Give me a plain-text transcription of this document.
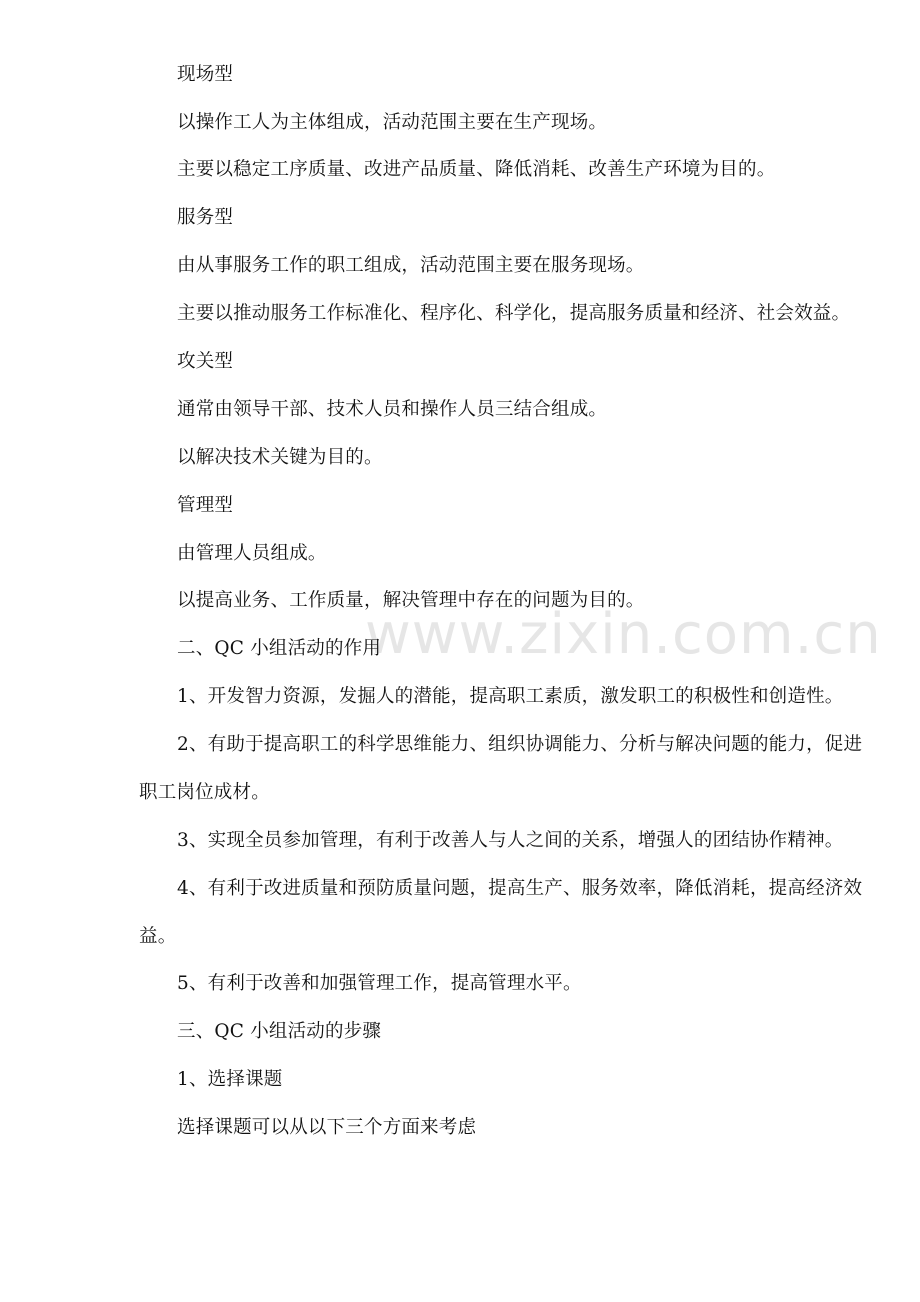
www.zixin.com.cn
现场型
以操作工人为主体组成，活动范围主要在生产现场。
主要以稳定工序质量、改进产品质量、降低消耗、改善生产环境为目的。
服务型
由从事服务工作的职工组成，活动范围主要在服务现场。
主要以推动服务工作标准化、程序化、科学化，提高服务质量和经济、社会效益。
攻关型
通常由领导干部、技术人员和操作人员三结合组成。
以解决技术关键为目的。
管理型
由管理人员组成。
以提高业务、工作质量，解决管理中存在的问题为目的。
二、QC 小组活动的作用
1、开发智力资源，发掘人的潜能，提高职工素质，激发职工的积极性和创造性。
2、有助于提高职工的科学思维能力、组织协调能力、分析与解决问题的能力，促进
职工岗位成材。
3、实现全员参加管理，有利于改善人与人之间的关系，增强人的团结协作精神。
4、有利于改进质量和预防质量问题，提高生产、服务效率，降低消耗，提高经济效
益。
5、有利于改善和加强管理工作，提高管理水平。
三、QC 小组活动的步骤
1、选择课题
选择课题可以从以下三个方面来考虑
